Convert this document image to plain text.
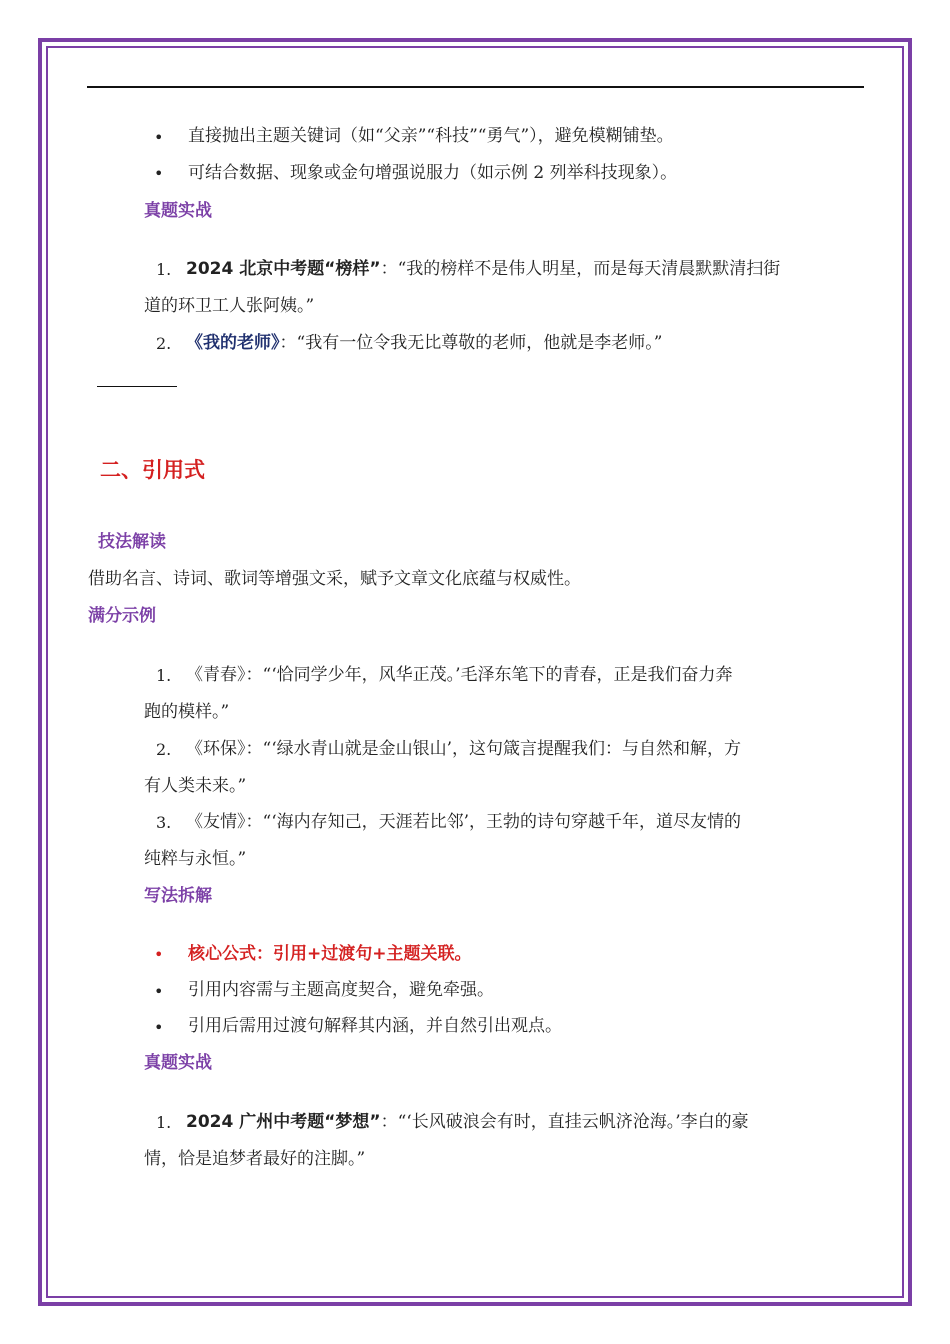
• 直接抛出主题关键词（如“父亲”“科技”“勇气”），避免模糊铺垫。
• 可结合数据、现象或金句增强说服力（如示例 2 列举科技现象）。
真题实战
1. 2024 北京中考题“榜样”：“我的榜样不是伟人明星，而是每天清晨默默清扫街
道的环卫工人张阿姨。”
2. 《我的老师》：“我有一位令我无比尊敬的老师，他就是李老师。”
二、引用式
技法解读
借助名言、诗词、歌词等增强文采，赋予文章文化底蕴与权威性。
满分示例
1. 《青春》：“‘恰同学少年，风华正茂。’毛泽东笔下的青春，正是我们奋力奔
跑的模样。”
2. 《环保》：“‘绿水青山就是金山银山’，这句箴言提醒我们：与自然和解，方
有人类未来。”
3. 《友情》：“‘海内存知己，天涯若比邻’，王勃的诗句穿越千年，道尽友情的
纯粹与永恒。”
写法拆解
• 核心公式：引用+过渡句+主题关联。
• 引用内容需与主题高度契合，避免牵强。
• 引用后需用过渡句解释其内涵，并自然引出观点。
真题实战
1. 2024 广州中考题“梦想”：“‘长风破浪会有时，直挂云帆济沧海。’李白的豪
情，恰是追梦者最好的注脚。”
